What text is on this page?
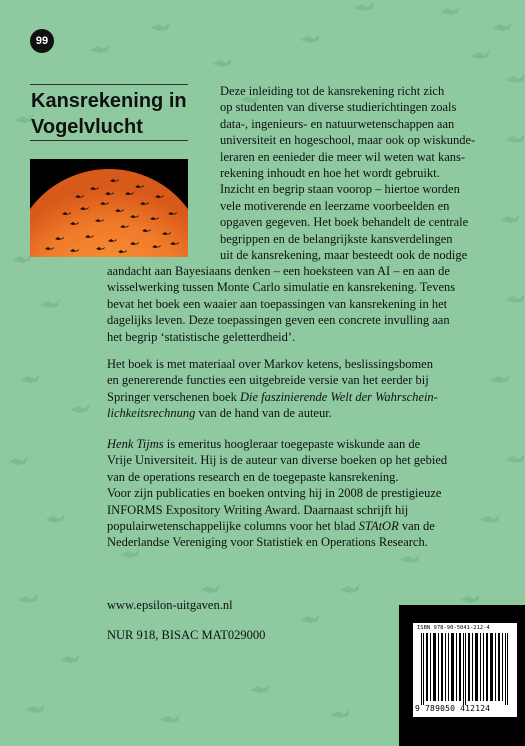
99
Kansrekening in
Vogelvlucht
Deze inleiding tot de kansrekening richt zich
op studenten van diverse studierichtingen zoals
data-, ingenieurs- en natuurwetenschappen aan
universiteit en hogeschool, maar ook op wiskunde-
leraren en eenieder die meer wil weten wat kans-
rekening inhoudt en hoe het wordt gebruikt.
Inzicht en begrip staan voorop – hiertoe worden
vele motiverende en leerzame voorbeelden en
opgaven gegeven. Het boek behandelt de centrale
begrippen en de belangrijkste kansverdelingen
uit de kansrekening, maar besteedt ook de nodige
aandacht aan Bayesiaans denken – een hoeksteen van AI – en aan de
wisselwerking tussen Monte Carlo simulatie en kansrekening. Tevens
bevat het boek een waaier aan toepassingen van kansrekening in het
dagelijks leven. Deze toepassingen geven een concrete invulling aan
het begrip ‘statistische geletterdheid’.
Het boek is met materiaal over Markov ketens, beslissingsbomen
en genererende functies een uitgebreide versie van het eerder bij
Springer verschenen boek Die faszinierende Welt der Wahrschein-
lichkeitsrechnung van de hand van de auteur.
Henk Tijms is emeritus hoogleraar toegepaste wiskunde aan de
Vrije Universiteit. Hij is de auteur van diverse boeken op het gebied
van de operations research en de toegepaste kansrekening.
Voor zijn publicaties en boeken ontving hij in 2008 de prestigieuze
INFORMS Expository Writing Award. Daarnaast schrijft hij
populairwetenschappelijke columns voor het blad STAtOR van de
Nederlandse Vereniging voor Statistiek en Operations Research.
www.epsilon-uitgaven.nl
NUR 918, BISAC MAT029000	ISBN 978-90-5041-212-4
9 789050 412124
